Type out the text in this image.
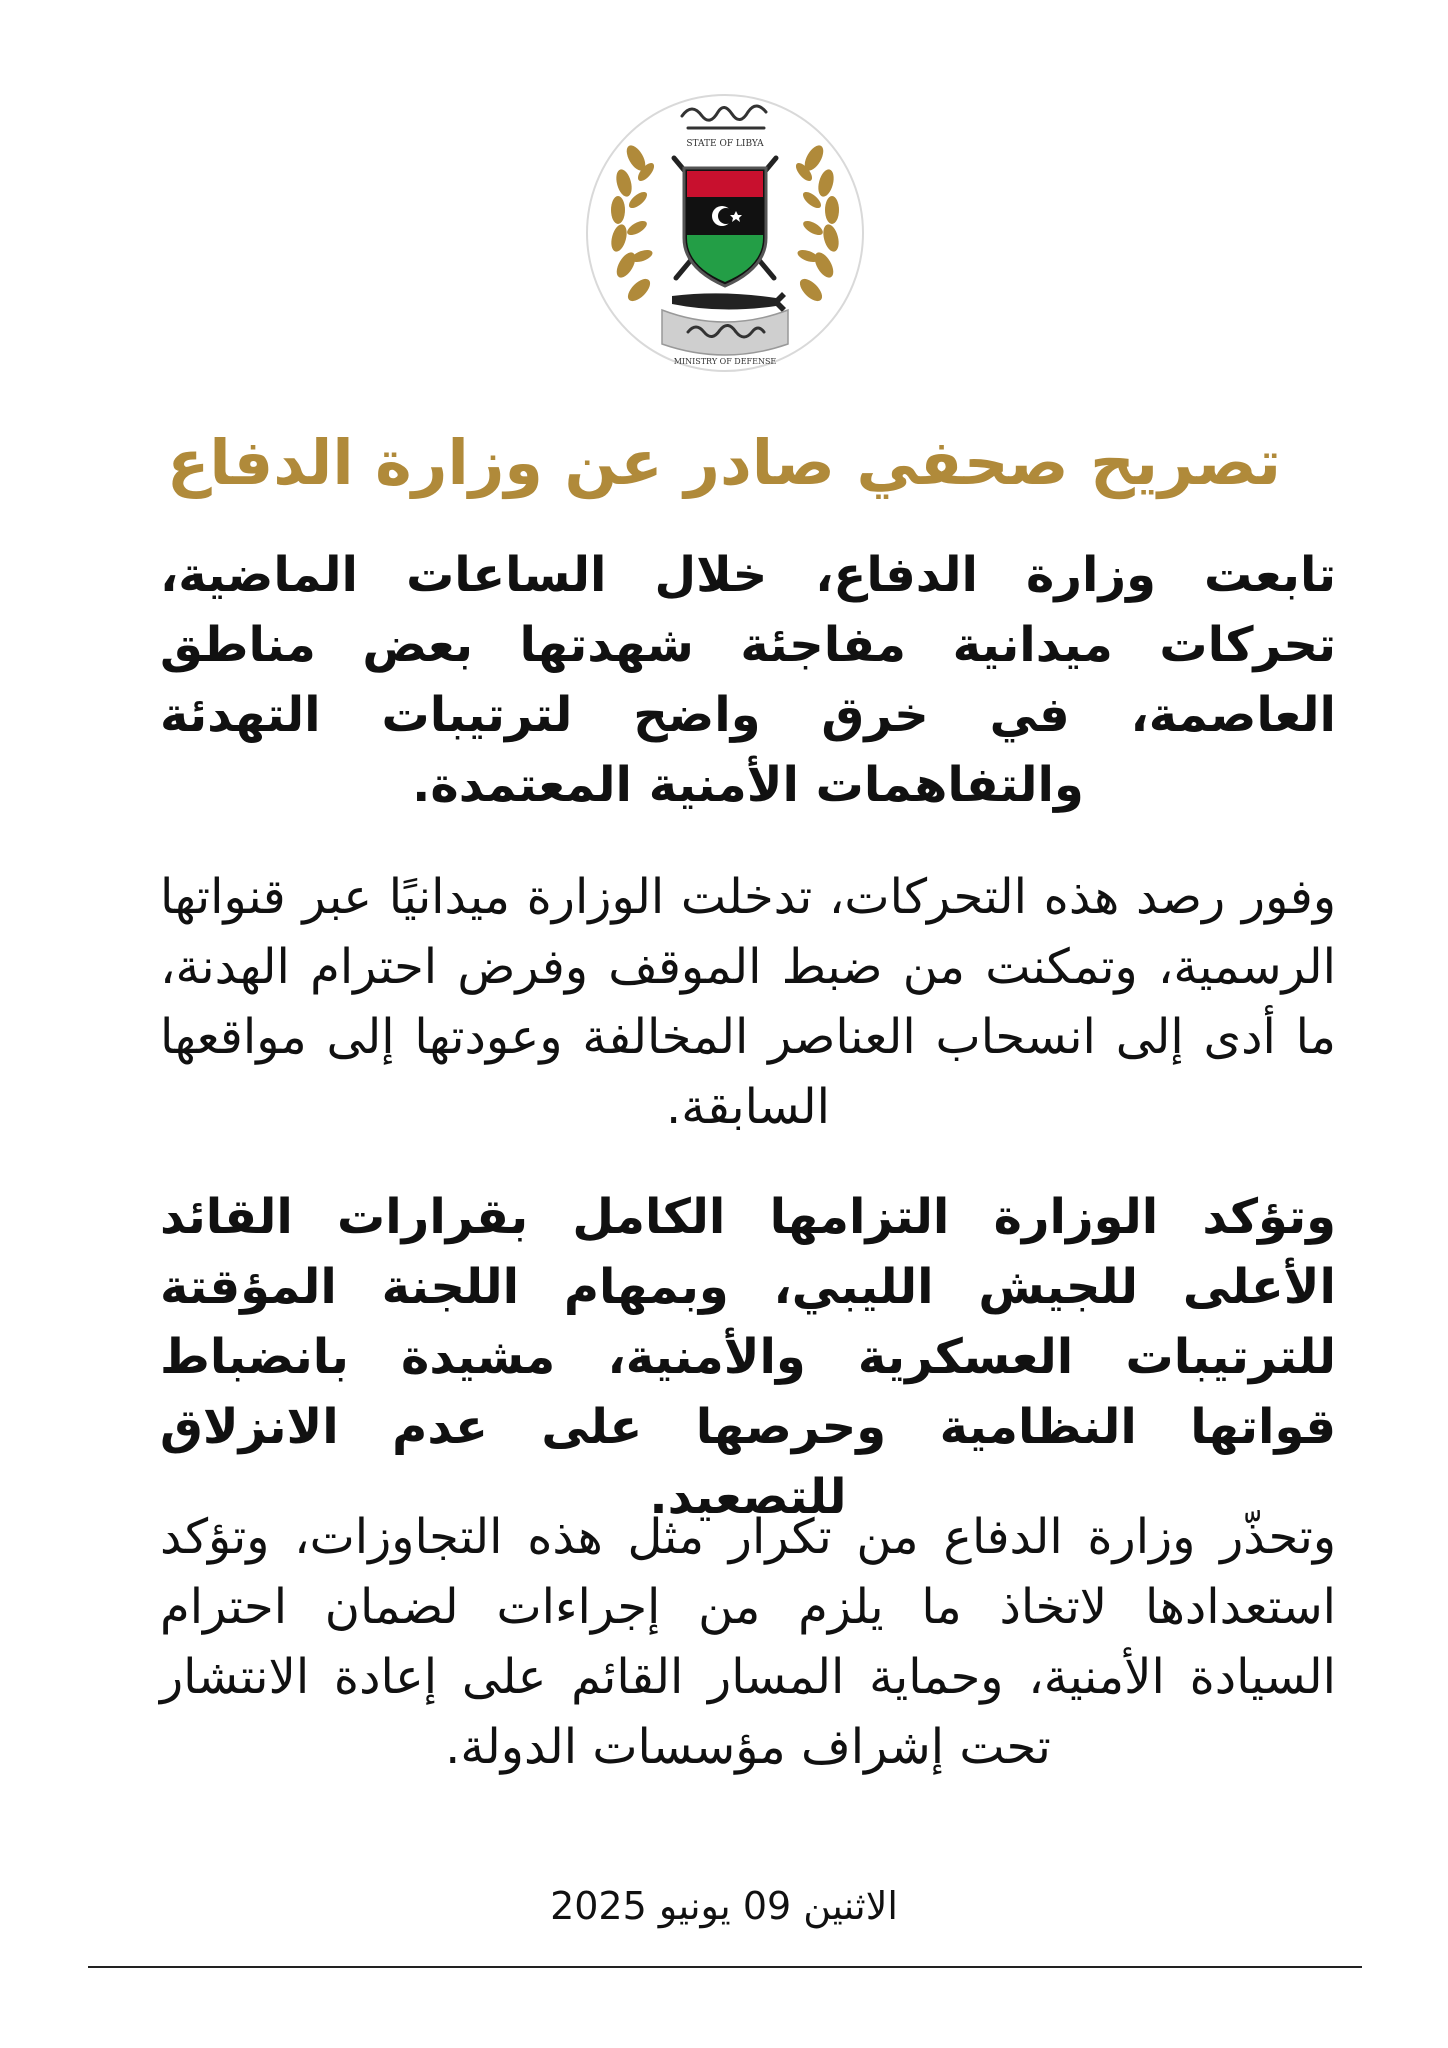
STATE OF LIBYA
MINISTRY OF DEFENSE
تصريح صحفي صادر عن وزارة الدفاع
تابعت وزارة الدفاع، خلال الساعات الماضية، تحركات ميدانية مفاجئة شهدتها بعض مناطق العاصمة، في خرق واضح لترتيبات التهدئة والتفاهمات الأمنية المعتمدة.
وفور رصد هذه التحركات، تدخلت الوزارة ميدانيًا عبر قنواتها الرسمية، وتمكنت من ضبط الموقف وفرض احترام الهدنة، ما أدى إلى انسحاب العناصر المخالفة وعودتها إلى مواقعها السابقة.
وتؤكد الوزارة التزامها الكامل بقرارات القائد الأعلى للجيش الليبي، وبمهام اللجنة المؤقتة للترتيبات العسكرية والأمنية، مشيدة بانضباط قواتها النظامية وحرصها على عدم الانزلاق للتصعيد.
وتحذّر وزارة الدفاع من تكرار مثل هذه التجاوزات، وتؤكد استعدادها لاتخاذ ما يلزم من إجراءات لضمان احترام السيادة الأمنية، وحماية المسار القائم على إعادة الانتشار تحت إشراف مؤسسات الدولة.
الاثنين 09 يونيو 2025
